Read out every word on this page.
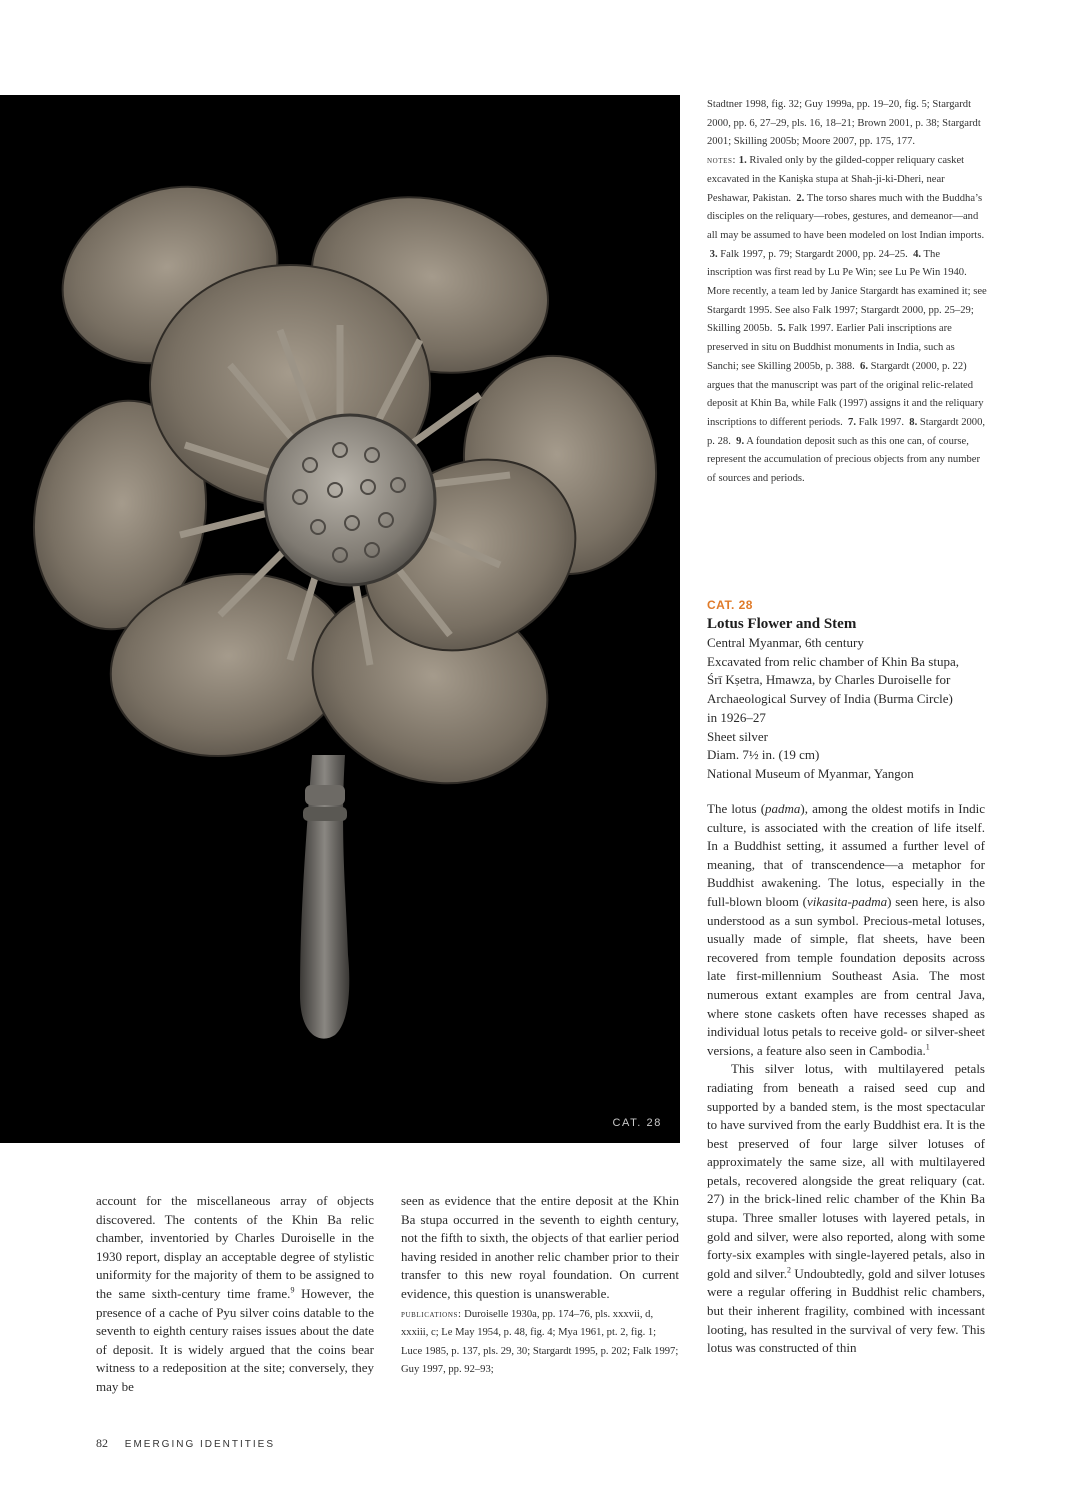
CAT. 28

Stadtner 1998, fig. 32; Guy 1999a, pp. 19–20, fig. 5; Stargardt 2000, pp. 6, 27–29, pls. 16, 18–21; Brown 2001, p. 38; Stargardt 2001; Skilling 2005b; Moore 2007, pp. 175, 177.

notes: 1. Rivaled only by the gilded-copper reliquary casket excavated in the Kaniṣka stupa at Shah-ji-ki-Dheri, near Peshawar, Pakistan. 2. The torso shares much with the Buddha’s disciples on the reliquary—robes, gestures, and demeanor—and all may be assumed to have been modeled on lost Indian imports.  3. Falk 1997, p. 79; Stargardt 2000, pp. 24–25. 4. The inscription was first read by Lu Pe Win; see Lu Pe Win 1940. More recently, a team led by Janice Stargardt has examined it; see Stargardt 1995. See also Falk 1997; Stargardt 2000, pp. 25–29; Skilling 2005b. 5. Falk 1997. Earlier Pali inscriptions are preserved in situ on Buddhist monuments in India, such as Sanchi; see Skilling 2005b, p. 388. 6. Stargardt (2000, p. 22) argues that the manuscript was part of the original relic-related deposit at Khin Ba, while Falk (1997) assigns it and the reliquary inscriptions to different periods. 7. Falk 1997. 8. Stargardt 2000, p. 28. 9. A foundation deposit such as this one can, of course, represent the accumulation of precious objects from any number of sources and periods.

CAT. 28
Lotus Flower and Stem
Central Myanmar, 6th century
Excavated from relic chamber of Khin Ba stupa,
Śrī Kṣetra, Hmawza, by Charles Duroiselle for
Archaeological Survey of India (Burma Circle)
in 1926–27
Sheet silver
Diam. 7½ in. (19 cm)
National Museum of Myanmar, Yangon

The lotus (padma), among the oldest motifs in Indic culture, is associated with the creation of life itself. In a Buddhist setting, it assumed a further level of meaning, that of transcendence—a metaphor for Buddhist awakening. The lotus, especially in the full-blown bloom (vikasita-padma) seen here, is also understood as a sun symbol. Precious-metal lotuses, usually made of simple, flat sheets, have been recovered from temple foundation deposits across late first-millennium Southeast Asia. The most numerous extant examples are from central Java, where stone caskets often have recesses shaped as individual lotus petals to receive gold- or silver-sheet versions, a feature also seen in Cambodia.$^1$

This silver lotus, with multilayered petals radiating from beneath a raised seed cup and supported by a banded stem, is the most spectacular to have survived from the early Buddhist era. It is the best preserved of four large silver lotuses of approximately the same size, all with multilayered petals, recovered alongside the great reliquary (cat. 27) in the brick-lined relic chamber of the Khin Ba stupa. Three smaller lotuses with layered petals, in gold and silver, were also reported, along with some forty-six examples with single-layered petals, also in gold and silver.$^2$ Undoubtedly, gold and silver lotuses were a regular offering in Buddhist relic chambers, but their inherent fragility, combined with incessant looting, has resulted in the survival of very few. This lotus was constructed of thin

account for the miscellaneous array of objects discovered. The contents of the Khin Ba relic chamber, inventoried by Charles Duroiselle in the 1930 report, display an acceptable degree of stylistic uniformity for the majority of them to be assigned to the same sixth-century time frame.$^9$ However, the presence of a cache of Pyu silver coins datable to the seventh to eighth century raises issues about the date of deposit. It is widely argued that the coins bear witness to a redeposition at the site; conversely, they may be

seen as evidence that the entire deposit at the Khin Ba stupa occurred in the seventh to eighth century, not the fifth to sixth, the objects of that earlier period having resided in another relic chamber prior to their transfer to this new royal foundation. On current evidence, this question is unanswerable.

publications: Duroiselle 1930a, pp. 174–76, pls. xxxvii, d, xxxiii, c; Le May 1954, p. 48, fig. 4; Mya 1961, pt. 2, fig. 1; Luce 1985, p. 137, pls. 29, 30; Stargardt 1995, p. 202; Falk 1997; Guy 1997, pp. 92–93;

82 EMERGING IDENTITIES
